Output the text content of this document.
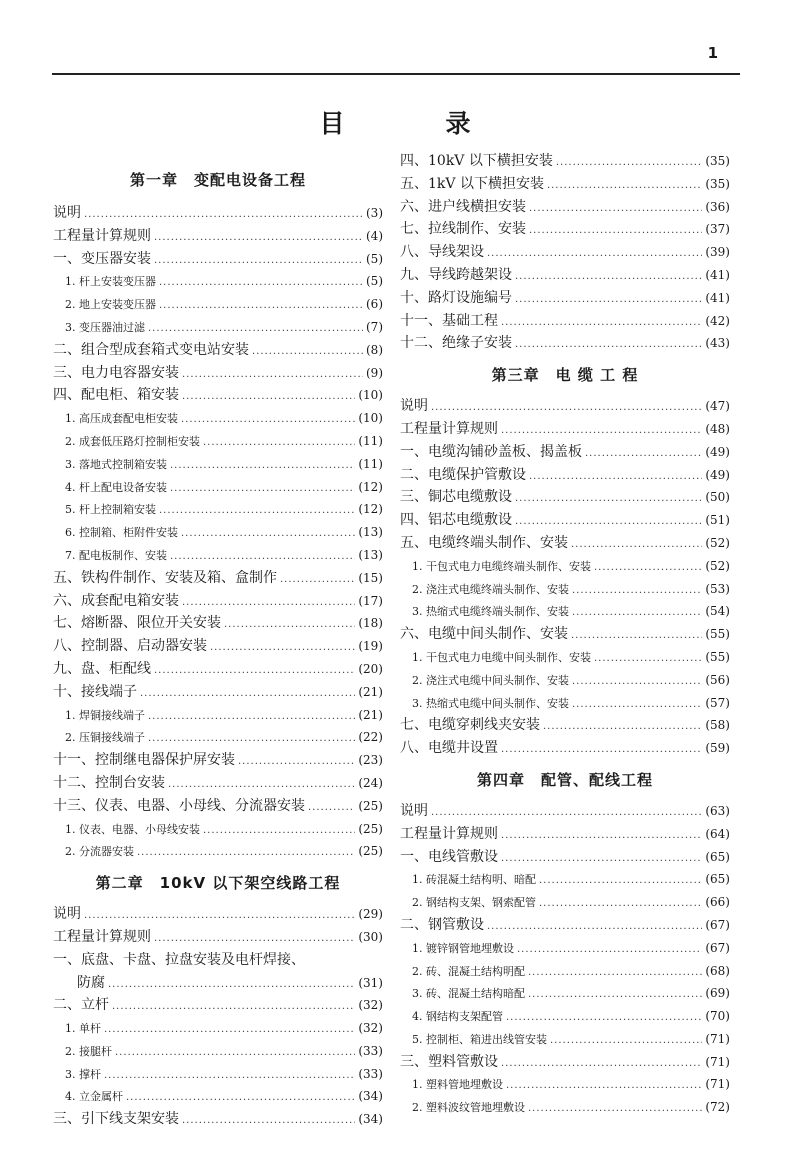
1
目　录
第一章　变配电设备工程
说明 .....	(3)
工程量计算规则 .....	(4)
一、变压器安装 .....	(5)
1. 杆上安装变压器 .....	(5)
2. 地上安装变压器 .....	(6)
3. 变压器油过滤 .....	(7)
二、组合型成套箱式变电站安装 .....	(8)
三、电力电容器安装 .....	(9)
四、配电柜、箱安装 .....	(10)
1. 高压成套配电柜安装 .....	(10)
2. 成套低压路灯控制柜安装 .....	(11)
3. 落地式控制箱安装 .....	(11)
4. 杆上配电设备安装 .....	(12)
5. 杆上控制箱安装 .....	(12)
6. 控制箱、柜附件安装 .....	(13)
7. 配电板制作、安装 .....	(13)
五、铁构件制作、安装及箱、盒制作 .....	(15)
六、成套配电箱安装 .....	(17)
七、熔断器、限位开关安装 .....	(18)
八、控制器、启动器安装 .....	(19)
九、盘、柜配线 .....	(20)
十、接线端子 .....	(21)
1. 焊铜接线端子 .....	(21)
2. 压铜接线端子 .....	(22)
十一、控制继电器保护屏安装 .....	(23)
十二、控制台安装 .....	(24)
十三、仪表、电器、小母线、分流器安装 .....	(25)
1. 仪表、电器、小母线安装 .....	(25)
2. 分流器安装 .....	(25)
第二章　10kV 以下架空线路工程
说明 .....	(29)
工程量计算规则 .....	(30)
一、底盘、卡盘、拉盘安装及电杆焊接、
防腐 .....	(31)
二、立杆 .....	(32)
1. 单杆 .....	(32)
2. 接腿杆 .....	(33)
3. 撑杆 .....	(33)
4. 立金属杆 .....	(34)
三、引下线支架安装 .....	(34)
四、10kV 以下横担安装 .....	(35)
五、1kV 以下横担安装 .....	(35)
六、进户线横担安装 .....	(36)
七、拉线制作、安装 .....	(37)
八、导线架设 .....	(39)
九、导线跨越架设 .....	(41)
十、路灯设施编号 .....	(41)
十一、基础工程 .....	(42)
十二、绝缘子安装 .....	(43)
第三章　电 缆 工 程
说明 .....	(47)
工程量计算规则 .....	(48)
一、电缆沟铺砂盖板、揭盖板 .....	(49)
二、电缆保护管敷设 .....	(49)
三、铜芯电缆敷设 .....	(50)
四、铝芯电缆敷设 .....	(51)
五、电缆终端头制作、安装 .....	(52)
1. 干包式电力电缆终端头制作、安装 .....	(52)
2. 浇注式电缆终端头制作、安装 .....	(53)
3. 热缩式电缆终端头制作、安装 .....	(54)
六、电缆中间头制作、安装 .....	(55)
1. 干包式电力电缆中间头制作、安装 .....	(55)
2. 浇注式电缆中间头制作、安装 .....	(56)
3. 热缩式电缆中间头制作、安装 .....	(57)
七、电缆穿刺线夹安装 .....	(58)
八、电缆井设置 .....	(59)
第四章　配管、配线工程
说明 .....	(63)
工程量计算规则 .....	(64)
一、电线管敷设 .....	(65)
1. 砖混凝土结构明、暗配 .....	(65)
2. 钢结构支架、钢索配管 .....	(66)
二、钢管敷设 .....	(67)
1. 镀锌钢管地埋敷设 .....	(67)
2. 砖、混凝土结构明配 .....	(68)
3. 砖、混凝土结构暗配 .....	(69)
4. 钢结构支架配管 .....	(70)
5. 控制柜、箱进出线管安装 .....	(71)
三、塑料管敷设 .....	(71)
1. 塑料管地埋敷设 .....	(71)
2. 塑料波纹管地埋敷设 .....	(72)
